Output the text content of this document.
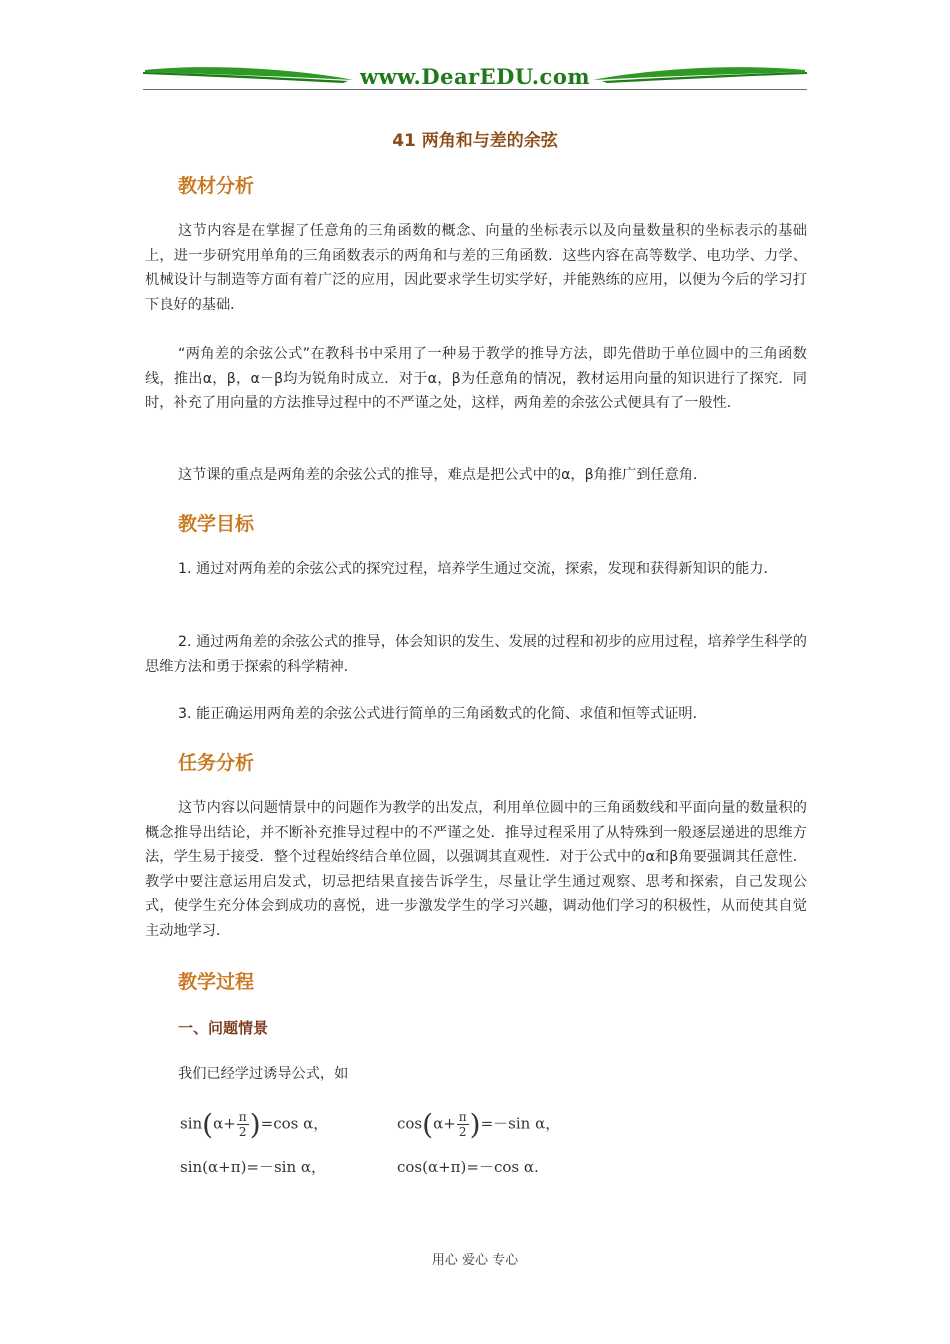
www.DearEDU.com
41 两角和与差的余弦
教材分析
这节内容是在掌握了任意角的三角函数的概念、向量的坐标表示以及向量数量积的坐标表示的基础上，进一步研究用单角的三角函数表示的两角和与差的三角函数．这些内容在高等数学、电功学、力学、机械设计与制造等方面有着广泛的应用，因此要求学生切实学好，并能熟练的应用，以便为今后的学习打下良好的基础．
“两角差的余弦公式”在教科书中采用了一种易于教学的推导方法，即先借助于单位圆中的三角函数线，推出α，β，α－β均为锐角时成立．对于α，β为任意角的情况，教材运用向量的知识进行了探究．同时，补充了用向量的方法推导过程中的不严谨之处，这样，两角差的余弦公式便具有了一般性．
这节课的重点是两角差的余弦公式的推导，难点是把公式中的α，β角推广到任意角．
教学目标
1. 通过对两角差的余弦公式的探究过程，培养学生通过交流，探索，发现和获得新知识的能力．
2. 通过两角差的余弦公式的推导，体会知识的发生、发展的过程和初步的应用过程，培养学生科学的思维方法和勇于探索的科学精神．
3. 能正确运用两角差的余弦公式进行简单的三角函数式的化简、求值和恒等式证明．
任务分析
这节内容以问题情景中的问题作为教学的出发点，利用单位圆中的三角函数线和平面向量的数量积的概念推导出结论，并不断补充推导过程中的不严谨之处．推导过程采用了从特殊到一般逐层递进的思维方法，学生易于接受．整个过程始终结合单位圆，以强调其直观性．对于公式中的α和β角要强调其任意性．教学中要注意运用启发式，切忌把结果直接告诉学生，尽量让学生通过观察、思考和探索，自己发现公式，使学生充分体会到成功的喜悦，进一步激发学生的学习兴趣，调动他们学习的积极性，从而使其自觉主动地学习．
教学过程
一、问题情景
我们已经学过诱导公式，如
$\sin(\alpha+ \frac{\pi}{2} )=\cos$ α，	$\cos(\alpha+ \frac{\pi}{2} )=-\sin$ α，
sin(α+π)=－sin α，	cos(α+π)=－cos α.
用心 爱心 专心
